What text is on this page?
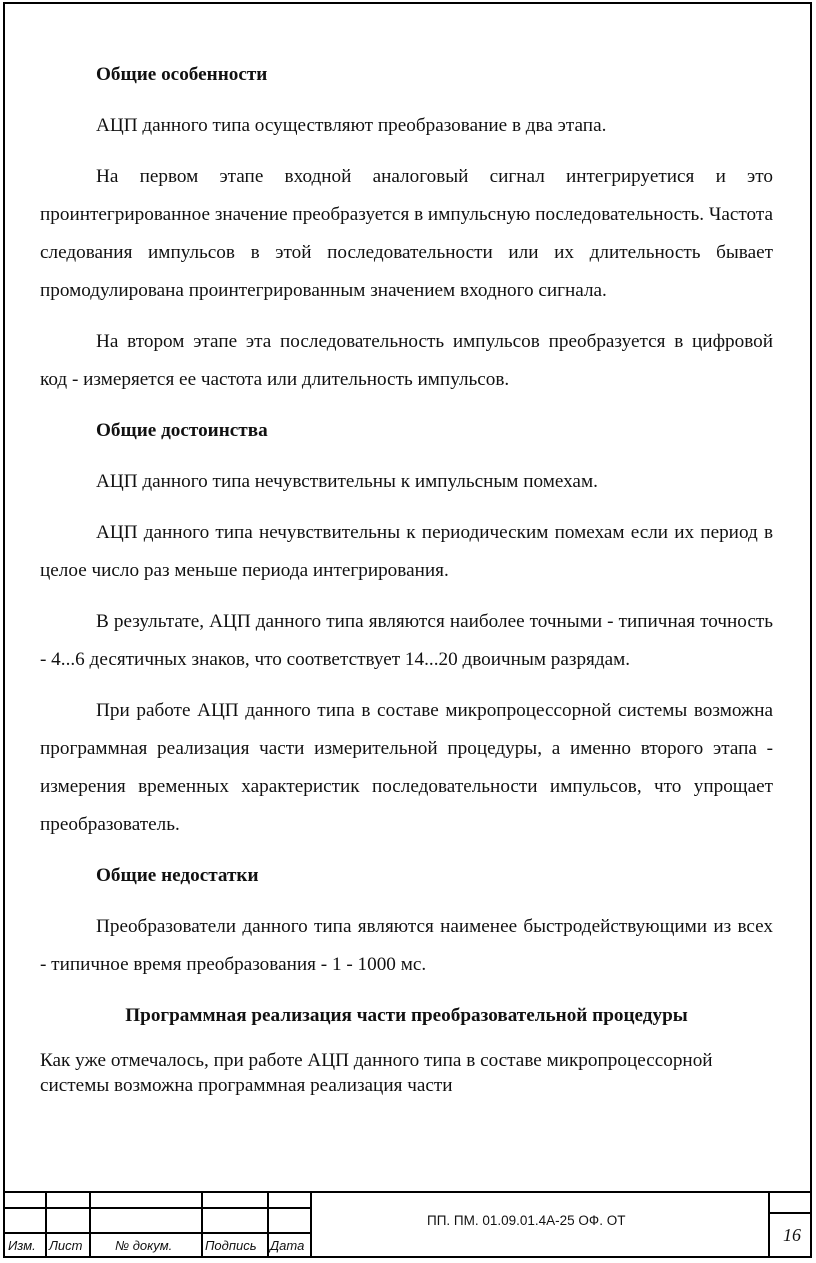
Общие особенности
АЦП данного типа осуществляют преобразование в два этапа.
На первом этапе входной аналоговый сигнал интегрируетися и это проинтегрированное значение преобразуется в импульсную последовательность. Частота следования импульсов в этой последовательности или их длительность бывает промодулирована проинтегрированным значением входного сигнала.
На втором этапе эта последовательность импульсов преобразуется в цифровой код - измеряется ее частота или длительность импульсов.
Общие достоинства
АЦП данного типа нечувствительны к импульсным помехам.
АЦП данного типа нечувствительны к периодическим помехам если их период в целое число раз меньше периода интегрирования.
В результате, АЦП данного типа являются наиболее точными - типичная точность - 4...6 десятичных знаков, что соответствует 14...20 двоичным разрядам.
При работе АЦП данного типа в составе микропроцессорной системы возможна программная реализация части измерительной процедуры, а именно второго этапа - измерения временных характеристик последовательности импульсов, что упрощает преобразователь.
Общие недостатки
Преобразователи данного типа являются наименее быстродействующими из всех - типичное время преобразования - 1 - 1000 мс.
Программная реализация части преобразовательной процедуры
Как уже отмечалось, при работе АЦП данного типа в составе микропроцессорной системы возможна программная реализация части
Изм. Лист	№ докум.	Подпись Дата
ПП. ПМ. 01.09.01.4А-25 ОФ. ОТ
16
